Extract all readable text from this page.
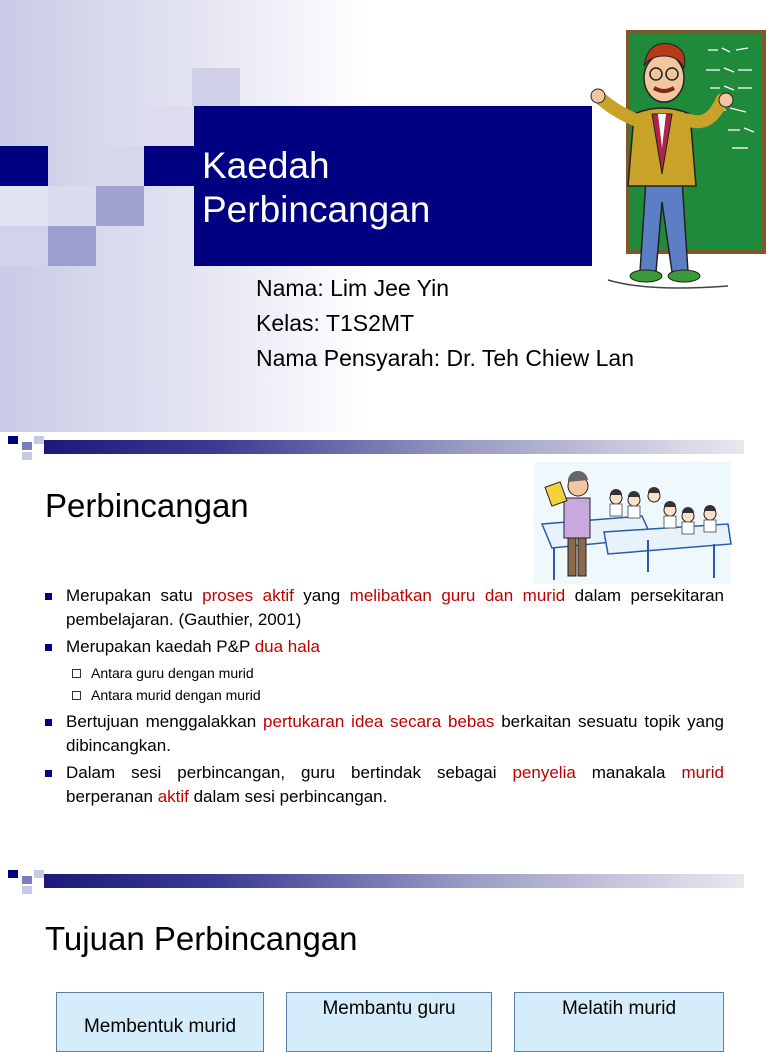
Kaedah
Perbincangan
Nama: Lim Jee Yin
Kelas: T1S2MT
Nama Pensyarah: Dr. Teh Chiew Lan
Perbincangan
Merupakan satu proses aktif yang melibatkan guru dan murid dalam persekitaran pembelajaran. (Gauthier, 2001)
Merupakan kaedah P&P dua hala
Antara guru dengan murid
Antara murid dengan murid
Bertujuan menggalakkan pertukaran idea secara bebas berkaitan sesuatu topik yang dibincangkan.
Dalam sesi perbincangan, guru bertindak sebagai penyelia manakala murid berperanan aktif dalam sesi perbincangan.
Tujuan Perbincangan
Membentuk murid
Membantu guru	Melatih murid
